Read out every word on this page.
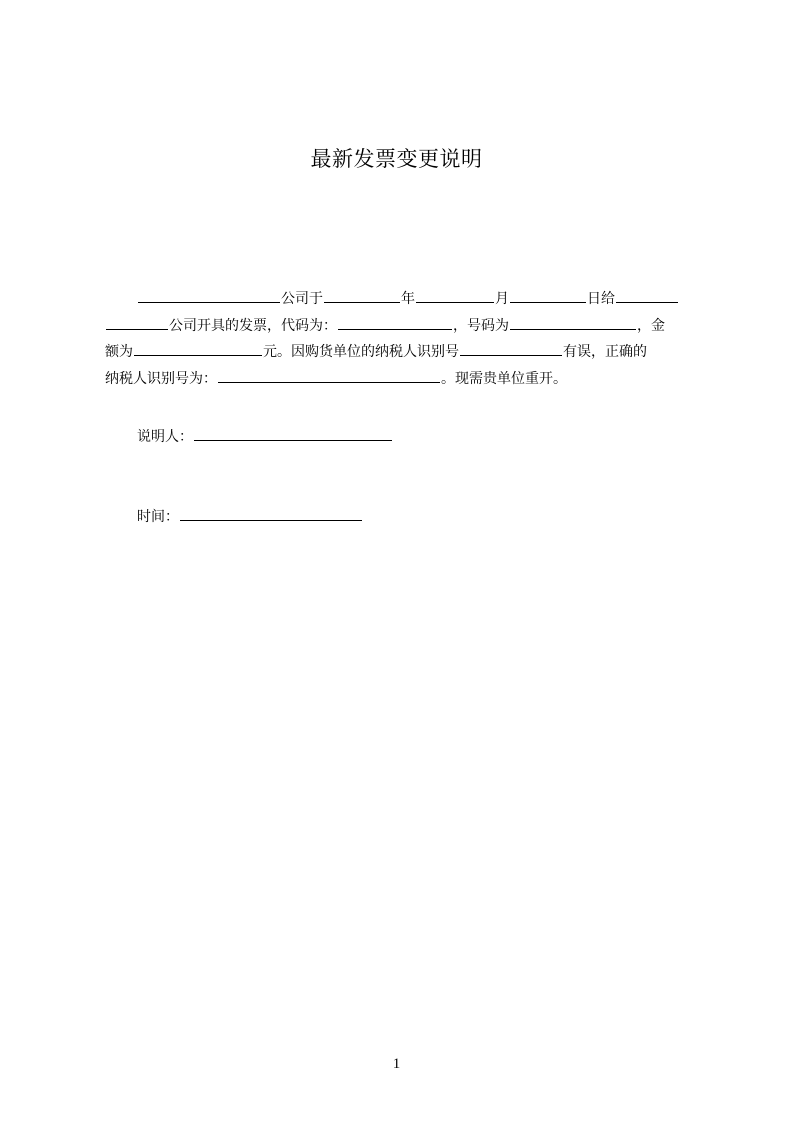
最新发票变更说明
公司于	年	月	日给
公司开具的发票，代码为：	，号码为	，金
额为	元。因购货单位的纳税人识别号	有误，正确的
纳税人识别号为：	。现需贵单位重开。
说明人：
时间：
1
